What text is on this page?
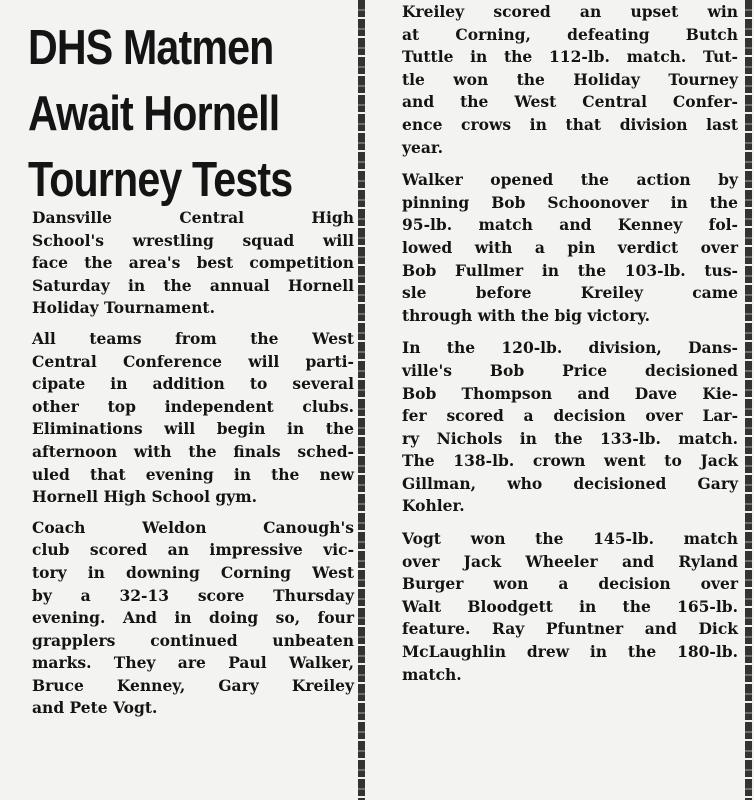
DHS Matmen
Await Hornell
Tourney Tests

Dansville Central High
School's wrestling squad will
face the area's best competition
Saturday in the annual Hornell
Holiday Tournament.

All teams from the West
Central Conference will parti-
cipate in addition to several
other top independent clubs.
Eliminations will begin in the
afternoon with the finals sched-
uled that evening in the new
Hornell High School gym.

Coach Weldon Canough's
club scored an impressive vic-
tory in downing Corning West
by a 32-13 score Thursday
evening. And in doing so, four
grapplers continued unbeaten
marks. They are Paul Walker,
Bruce Kenney, Gary Kreiley
and Pete Vogt.

Kreiley scored an upset win
at Corning, defeating Butch
Tuttle in the 112-lb. match. Tut-
tle won the Holiday Tourney
and the West Central Confer-
ence crows in that division last
year.

Walker opened the action by
pinning Bob Schoonover in the
95-lb. match and Kenney fol-
lowed with a pin verdict over
Bob Fullmer in the 103-lb. tus-
sle before Kreiley came
through with the big victory.

In the 120-lb. division, Dans-
ville's Bob Price decisioned
Bob Thompson and Dave Kie-
fer scored a decision over Lar-
ry Nichols in the 133-lb. match.
The 138-lb. crown went to Jack
Gillman, who decisioned Gary
Kohler.

Vogt won the 145-lb. match
over Jack Wheeler and Ryland
Burger won a decision over
Walt Bloodgett in the 165-lb.
feature. Ray Pfuntner and Dick
McLaughlin drew in the 180-lb.
match.
